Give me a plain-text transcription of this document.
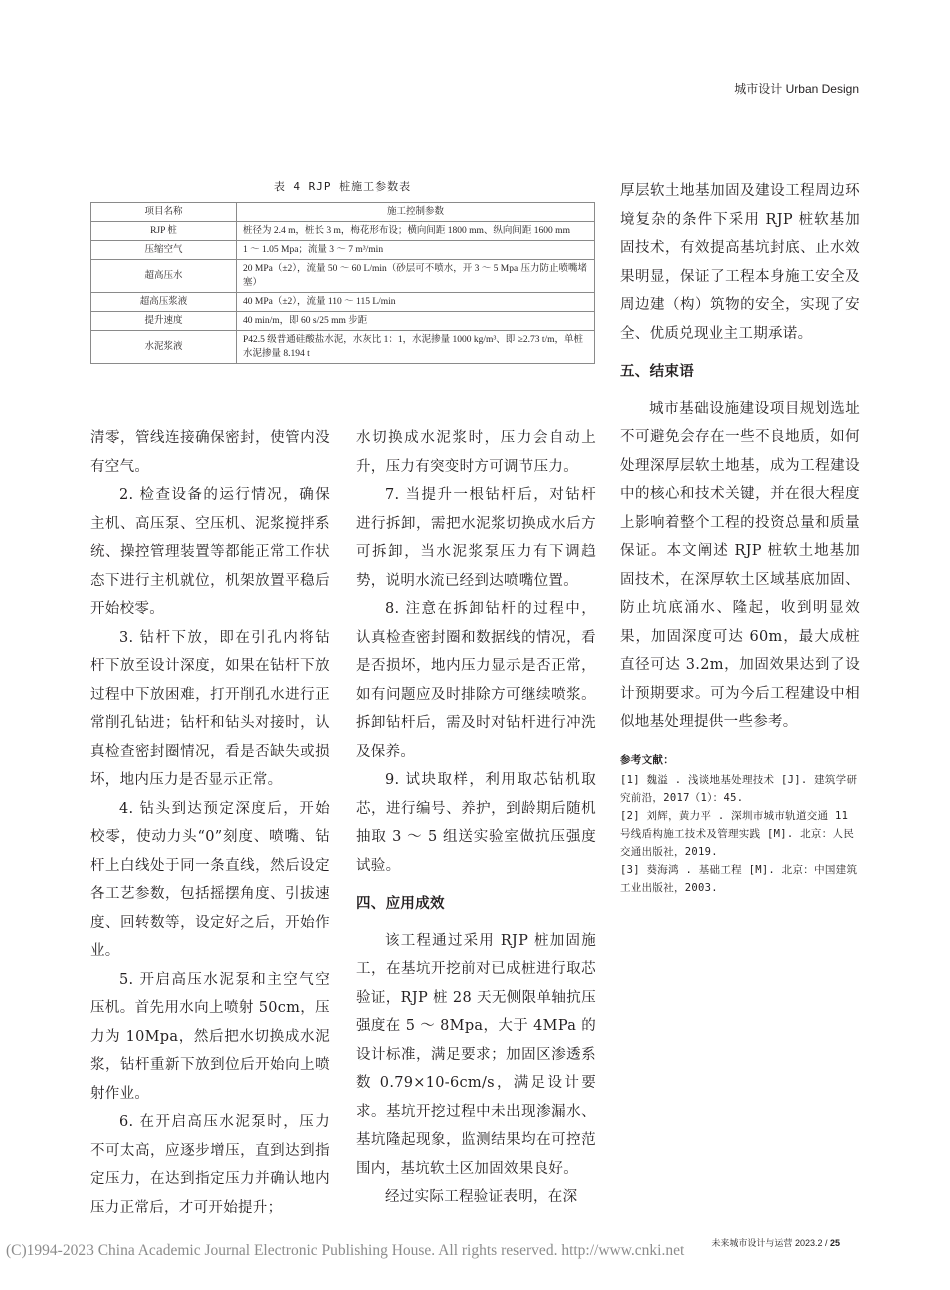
城市设计 Urban Design
表 4 RJP 桩施工参数表
项目名称	施工控制参数
RJP 桩	桩径为 2.4 m，桩长 3 m，梅花形布设；横向间距 1800 mm、纵向间距 1600 mm
压缩空气	1 ～ 1.05 Mpa；流量 3 ～ 7 m³/min
超高压水	20 MPa（±2），流量 50 ～ 60 L/min（砂层可不喷水，开 3 ～ 5 Mpa 压力防止喷嘴堵塞）
超高压浆液	40 MPa（±2），流量 110 ～ 115 L/min
提升速度	40 min/m，即 60 s/25 mm 步距
水泥浆液	P42.5 级普通硅酸盐水泥，水灰比 1：1，水泥掺量 1000 kg/m³、即 ≥2.73 t/m，单桩水泥掺量 8.194 t

清零，管线连接确保密封，使管内没有空气。

2. 检查设备的运行情况，确保主机、高压泵、空压机、泥浆搅拌系统、操控管理装置等都能正常工作状态下进行主机就位，机架放置平稳后开始校零。

3. 钻杆下放，即在引孔内将钻杆下放至设计深度，如果在钻杆下放过程中下放困难，打开削孔水进行正常削孔钻进；钻杆和钻头对接时，认真检查密封圈情况，看是否缺失或损坏，地内压力是否显示正常。

4. 钻头到达预定深度后，开始校零，使动力头“0”刻度、喷嘴、钻杆上白线处于同一条直线，然后设定各工艺参数，包括摇摆角度、引拔速度、回转数等，设定好之后，开始作业。

5. 开启高压水泥泵和主空气空压机。首先用水向上喷射 50cm，压力为 10Mpa，然后把水切换成水泥浆，钻杆重新下放到位后开始向上喷射作业。

6. 在开启高压水泥泵时，压力不可太高，应逐步增压，直到达到指定压力，在达到指定压力并确认地内压力正常后，才可开始提升；

水切换成水泥浆时，压力会自动上升，压力有突变时方可调节压力。

7. 当提升一根钻杆后，对钻杆进行拆卸，需把水泥浆切换成水后方可拆卸，当水泥浆泵压力有下调趋势，说明水流已经到达喷嘴位置。

8. 注意在拆卸钻杆的过程中，认真检查密封圈和数据线的情况，看是否损坏，地内压力显示是否正常，如有问题应及时排除方可继续喷浆。拆卸钻杆后，需及时对钻杆进行冲洗及保养。

9. 试块取样，利用取芯钻机取芯，进行编号、养护，到龄期后随机抽取 3 ～ 5 组送实验室做抗压强度试验。

四、应用成效

该工程通过采用 RJP 桩加固施工，在基坑开挖前对已成桩进行取芯验证，RJP 桩 28 天无侧限单轴抗压强度在 5 ～ 8Mpa，大于 4MPa 的设计标准，满足要求；加固区渗透系数 0.79×10-6cm/s，满足设计要求。基坑开挖过程中未出现渗漏水、基坑隆起现象，监测结果均在可控范围内，基坑软土区加固效果良好。

经过实际工程验证表明，在深

厚层软土地基加固及建设工程周边环境复杂的条件下采用 RJP 桩软基加固技术，有效提高基坑封底、止水效果明显，保证了工程本身施工安全及周边建（构）筑物的安全，实现了安全、优质兑现业主工期承诺。

五、结束语

城市基础设施建设项目规划选址不可避免会存在一些不良地质，如何处理深厚层软土地基，成为工程建设中的核心和技术关键，并在很大程度上影响着整个工程的投资总量和质量保证。本文阐述 RJP 桩软土地基加固技术，在深厚软土区域基底加固、防止坑底涌水、隆起，收到明显效果，加固深度可达 60m，最大成桩直径可达 3.2m，加固效果达到了设计预期要求。可为今后工程建设中相似地基处理提供一些参考。

参考文献：
[1] 魏溢 . 浅谈地基处理技术 [J]. 建筑学研究前沿，2017（1）：45.
[2] 刘辉，黄力平 . 深圳市城市轨道交通 11 号线盾构施工技术及管理实践 [M]. 北京：人民交通出版社，2019.
[3] 葵海鸿 . 基础工程 [M]. 北京：中国建筑工业出版社，2003.
未来城市设计与运营 2023.2 / 25
(C)1994-2023 China Academic Journal Electronic Publishing House. All rights reserved. http://www.cnki.net
